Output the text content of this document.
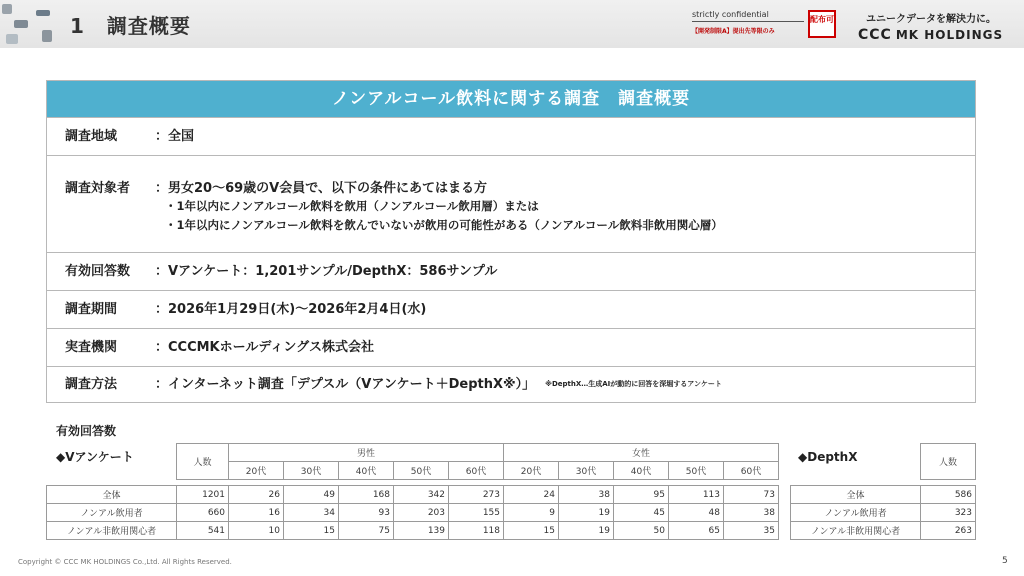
1 調査概要	strictly confidential
【開発制限A】提出先等限のみ
配布可	ユニークデータを解決力に。
CCC MK HOLDINGS
ノンアルコール飲料に関する調査　調査概要
調査地域	：全国
調査対象者 ：男女20～69歳のV会員で、以下の条件にあてはまる方
・1年以内にノンアルコール飲料を飲用（ノンアルコール飲用層）または
・1年以内にノンアルコール飲料を飲んでいないが飲用の可能性がある（ノンアルコール飲料非飲用関心層）
有効回答数 ：Vアンケート：1,201サンプル/DepthX：586サンプル
調査期間	：2026年1月29日(木)～2026年2月4日(水)
実査機関	：CCCMKホールディングス株式会社
調査方法	：インターネット調査「デプスル（Vアンケート＋DepthX※）」 ※DepthX…生成AIが動的に回答を深堀するアンケート
有効回答数
◆Vアンケート	◆DepthX
	人数	男性					女性				
		20代	30代	40代	50代	60代	20代	30代	40代	50代	60代

全体	1201	26	49	168	342	273	24	38	95	113	73
ノンアル飲用者	660	16	34	93	203	155	9	19	45	48	38
ノンアル非飲用関心者	541	10	15	75	139	118	15	19	50	65	35
	人数

全体	586
ノンアル飲用者	323
ノンアル非飲用関心者	263
Copyright © CCC MK HOLDINGS Co.,Ltd. All Rights Reserved.	5
